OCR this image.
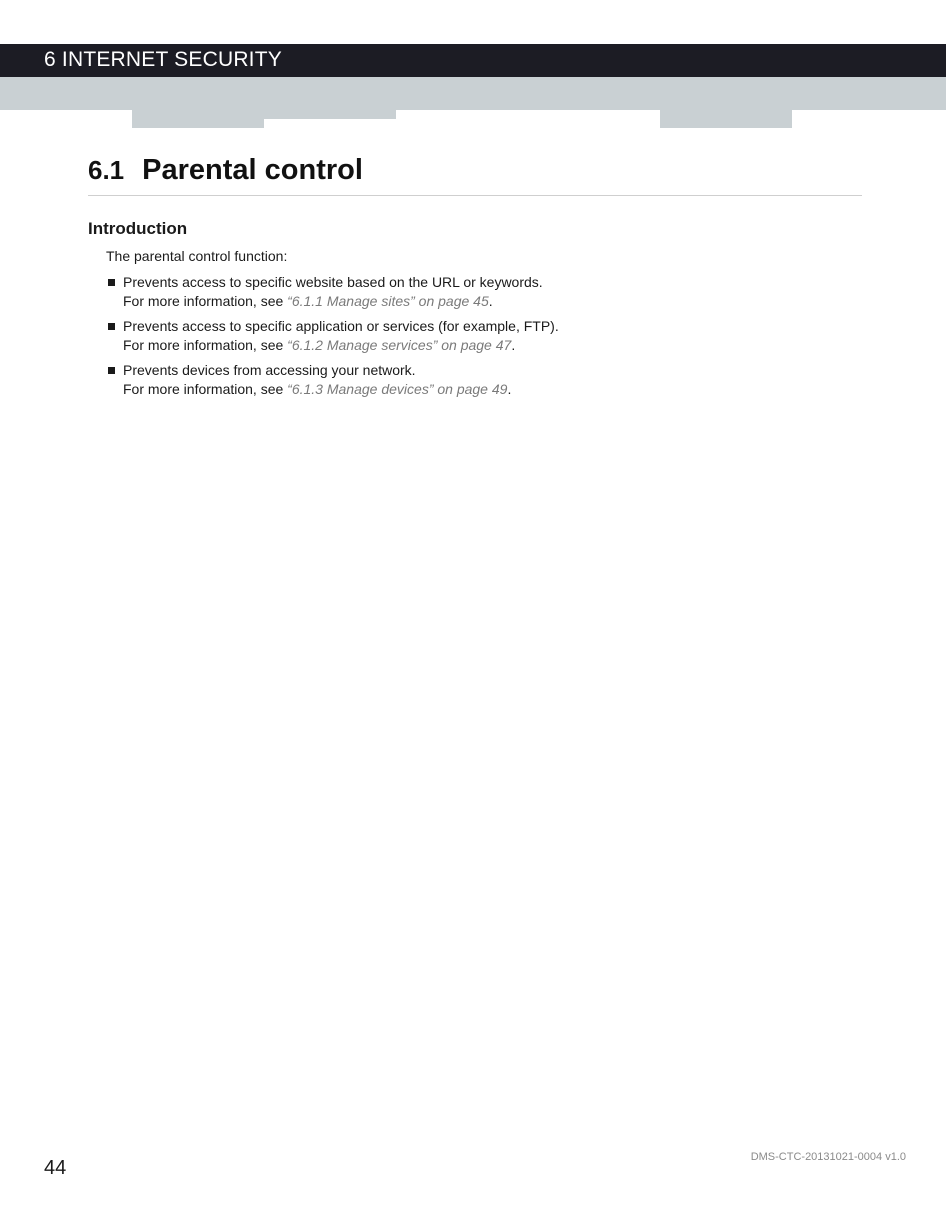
6 INTERNET SECURITY
6.1 Parental control
Introduction
The parental control function:
Prevents access to specific website based on the URL or keywords.
For more information, see “6.1.1 Manage sites” on page 45.
Prevents access to specific application or services (for example, FTP).
For more information, see “6.1.2 Manage services” on page 47.
Prevents devices from accessing your network.
For more information, see “6.1.3 Manage devices” on page 49.
44	DMS-CTC-20131021-0004 v1.0
